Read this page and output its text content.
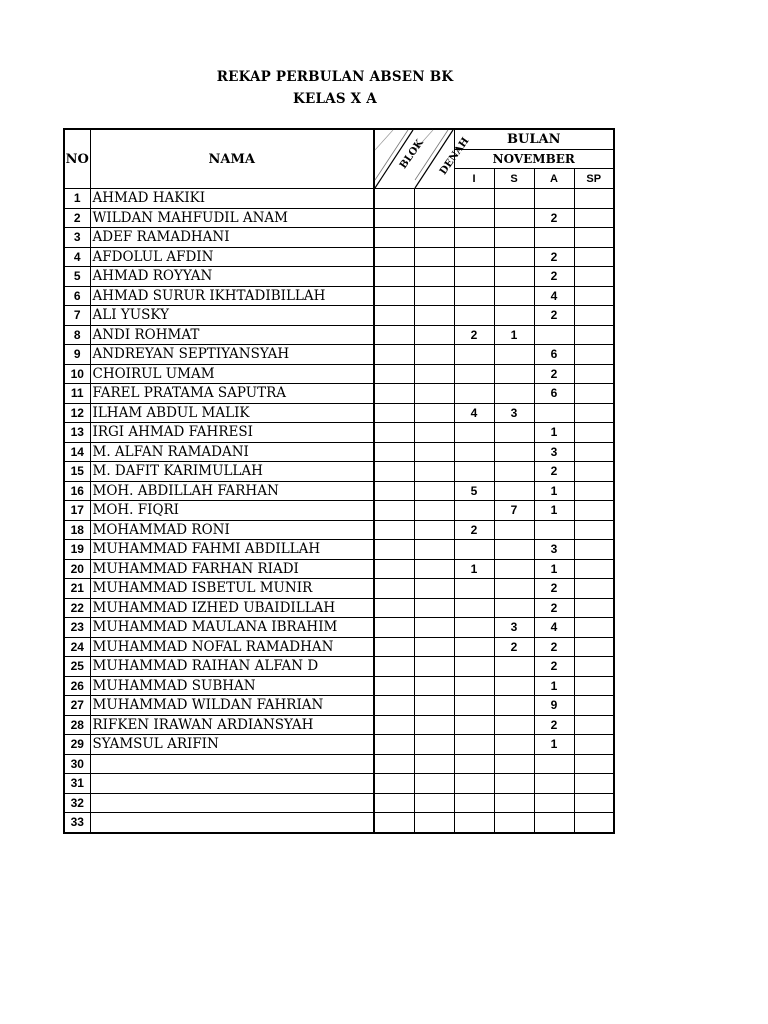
REKAP PERBULAN ABSEN BK
KELAS X A
NO	NAMA	BLOK DENAH		BULAN			
				NOVEMBER			
				I	S	A	SP
1	AHMAD HAKIKI						
2	WILDAN MAHFUDIL ANAM					2	
3	ADEF RAMADHANI						
4	AFDOLUL AFDIN					2	
5	AHMAD ROYYAN					2	
6	AHMAD SURUR IKHTADIBILLAH					4	
7	ALI YUSKY					2	
8	ANDI ROHMAT			2	1		
9	ANDREYAN SEPTIYANSYAH					6	
10	CHOIRUL UMAM					2	
11	FAREL PRATAMA SAPUTRA					6	
12	ILHAM ABDUL MALIK			4	3		
13	IRGI AHMAD FAHRESI					1	
14	M. ALFAN RAMADANI					3	
15	M. DAFIT KARIMULLAH					2	
16	MOH. ABDILLAH FARHAN			5		1	
17	MOH. FIQRI				7	1	
18	MOHAMMAD RONI			2			
19	MUHAMMAD FAHMI ABDILLAH					3	
20	MUHAMMAD FARHAN RIADI			1		1	
21	MUHAMMAD ISBETUL MUNIR					2	
22	MUHAMMAD IZHED UBAIDILLAH					2	
23	MUHAMMAD MAULANA IBRAHIM				3	4	
24	MUHAMMAD NOFAL RAMADHAN				2	2	
25	MUHAMMAD RAIHAN ALFAN D					2	
26	MUHAMMAD SUBHAN					1	
27	MUHAMMAD WILDAN FAHRIAN					9	
28	RIFKEN IRAWAN ARDIANSYAH					2	
29	SYAMSUL ARIFIN					1	
30							
31							
32							
33							
